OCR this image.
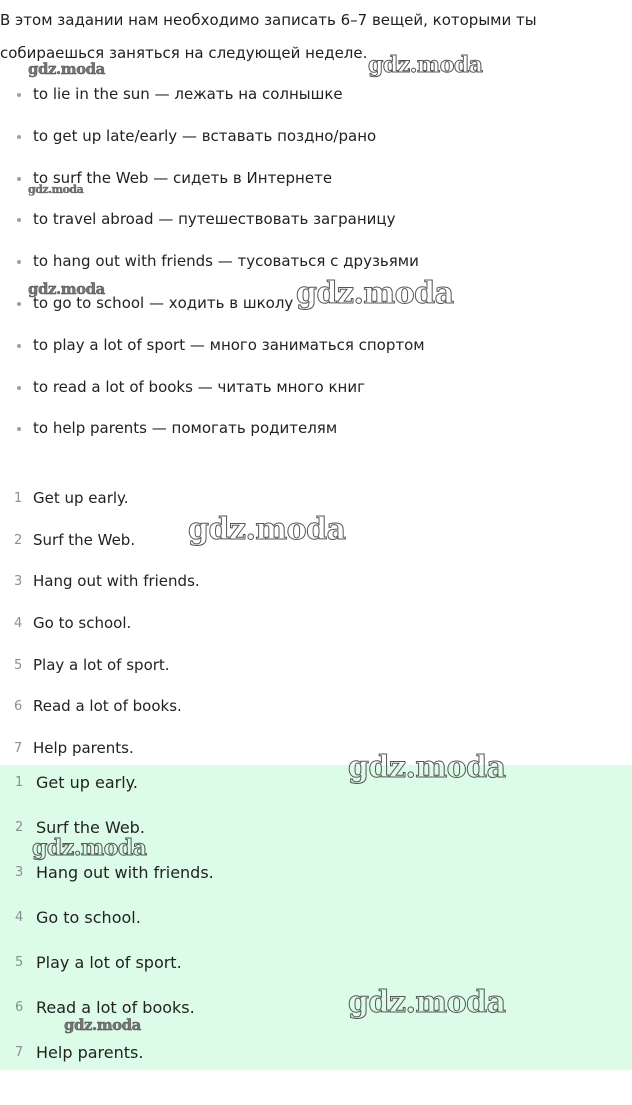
В этом задании нам необходимо записать 6–7 вещей, которыми ты собираешься заняться на следующей неделе.

to lie in the sun — лежать на солнышке
to get up late/early — вставать поздно/рано
to surf the Web — сидеть в Интернете
to travel abroad — путешествовать заграницу
to hang out with friends — тусоваться с друзьями
to go to school — ходить в школу
to play a lot of sport — много заниматься спортом
to read a lot of books — читать много книг
to help parents — помогать родителям
1 Get up early.
2 Surf the Web.
3 Hang out with friends.
4 Go to school.
5 Play a lot of sport.
6 Read a lot of books.
7 Help parents.
1 Get up early.
2 Surf the Web.
3 Hang out with friends.
4 Go to school.
5 Play a lot of sport.
6 Read a lot of books.
7 Help parents.
gdz.moda	gdz.moda
gdz.moda
gdz.moda	gdz.moda
gdz.moda
gdz.moda
